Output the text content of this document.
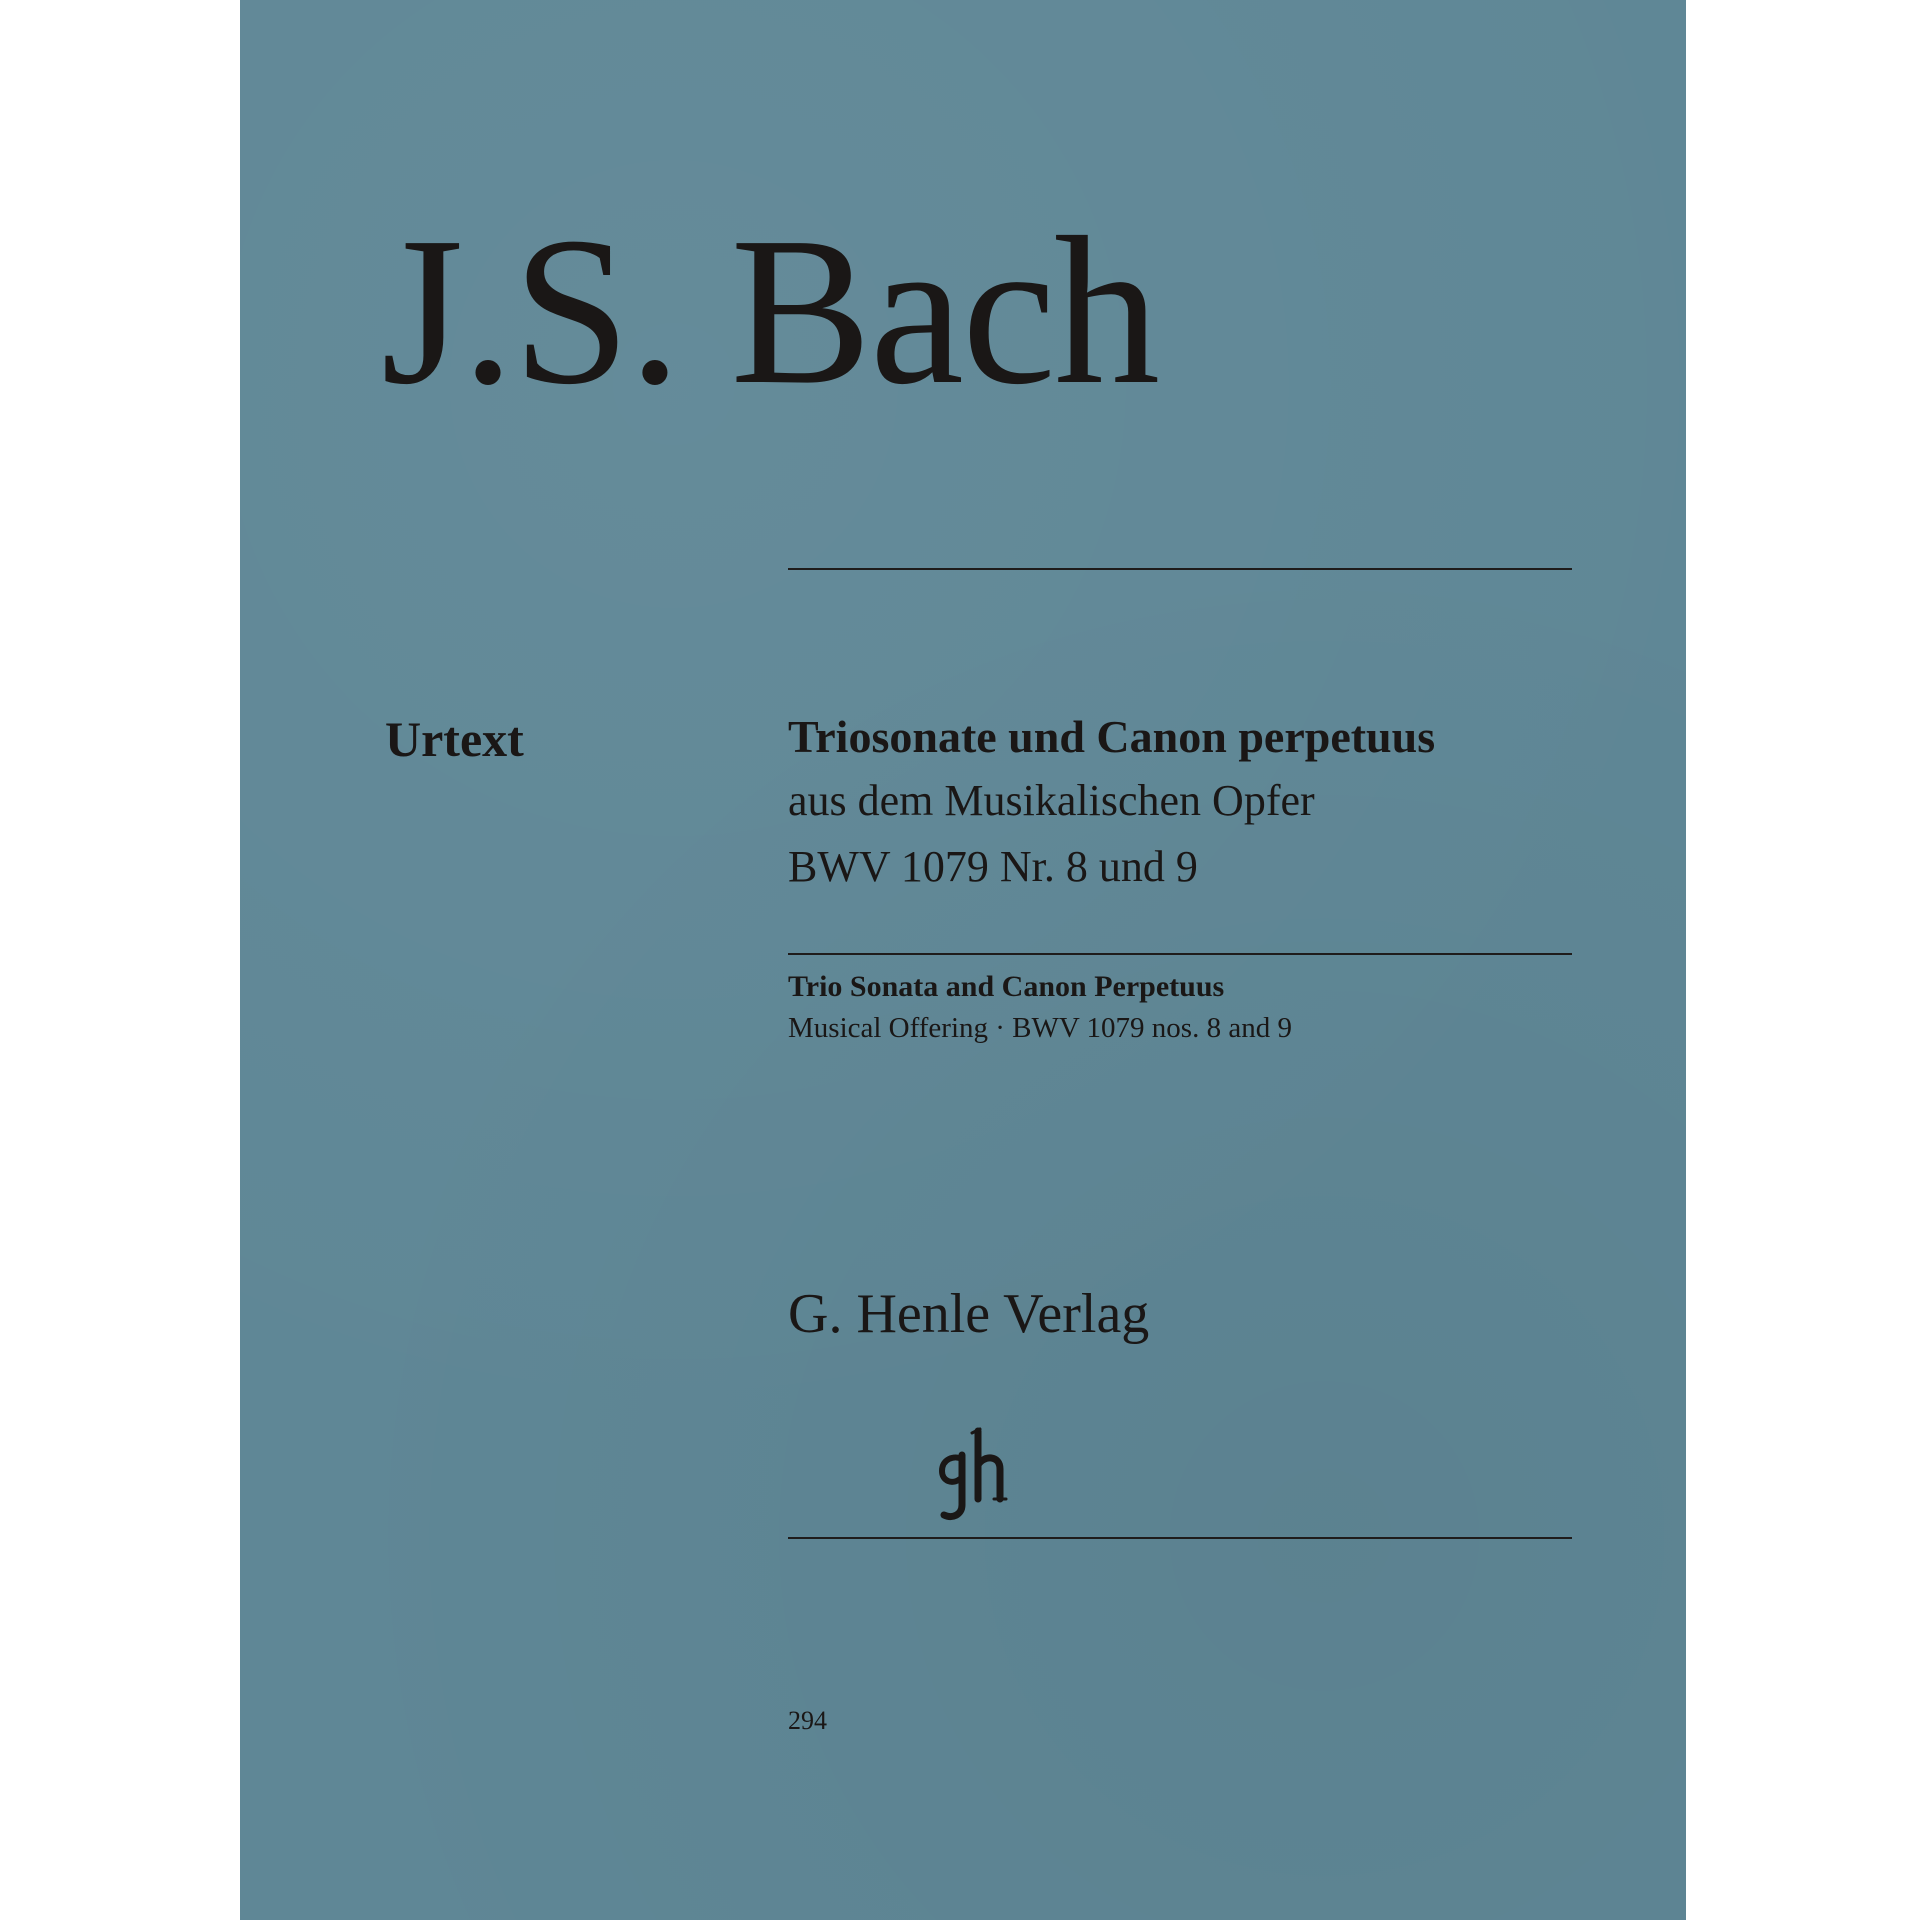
J.S. Bach
Urtext	Triosonate und Canon perpetuus
aus dem Musikalischen Opfer
BWV 1079 Nr. 8 und 9
Trio Sonata and Canon Perpetuus
Musical Offering · BWV 1079 nos. 8 and 9
G. Henle Verlag
294
